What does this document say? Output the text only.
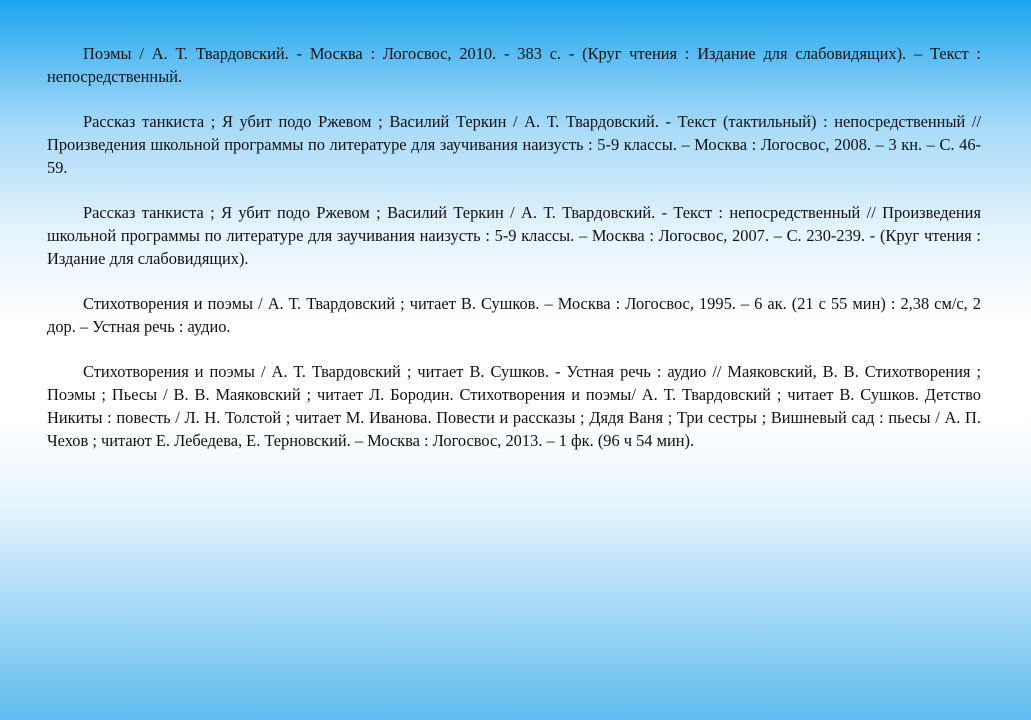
Поэмы / А. Т. Твардовский. - Москва : Логосвос, 2010. - 383 с. - (Круг чтения : Издание для слабовидящих). – Текст : непосредственный.

Рассказ танкиста ; Я убит подо Ржевом ; Василий Теркин / А. Т. Твардовский. - Текст (тактильный) : непосредственный // Произведения школьной программы по литературе для заучивания наизусть : 5-9 классы. – Москва : Логосвос, 2008. – 3 кн. – С. 46-59.

Рассказ танкиста ; Я убит подо Ржевом ; Василий Теркин / А. Т. Твардовский. - Текст : непосредственный // Произведения школьной программы по литературе для заучивания наизусть : 5-9 классы. – Москва : Логосвос, 2007. – С. 230-239. - (Круг чтения : Издание для слабовидящих).

Стихотворения и поэмы / А. Т. Твардовский ; читает В. Сушков. – Москва : Логосвос, 1995. – 6 ак. (21 с 55 мин) : 2,38 см/с, 2 дор. – Устная речь : аудио.

Стихотворения и поэмы / А. Т. Твардовский ; читает В. Сушков. - Устная речь : аудио // Маяковский, В. В. Стихотворения ; Поэмы ; Пьесы / В. В. Маяковский ; читает Л. Бородин. Стихотворения и поэмы/ А. Т. Твардовский ; читает В. Сушков. Детство Никиты : повесть / Л. Н. Толстой ; читает М. Иванова. Повести и рассказы ; Дядя Ваня ; Три сестры ; Вишневый сад : пьесы / А. П. Чехов ; читают Е. Лебедева, Е. Терновский. – Москва : Логосвос, 2013. – 1 фк. (96 ч 54 мин).
